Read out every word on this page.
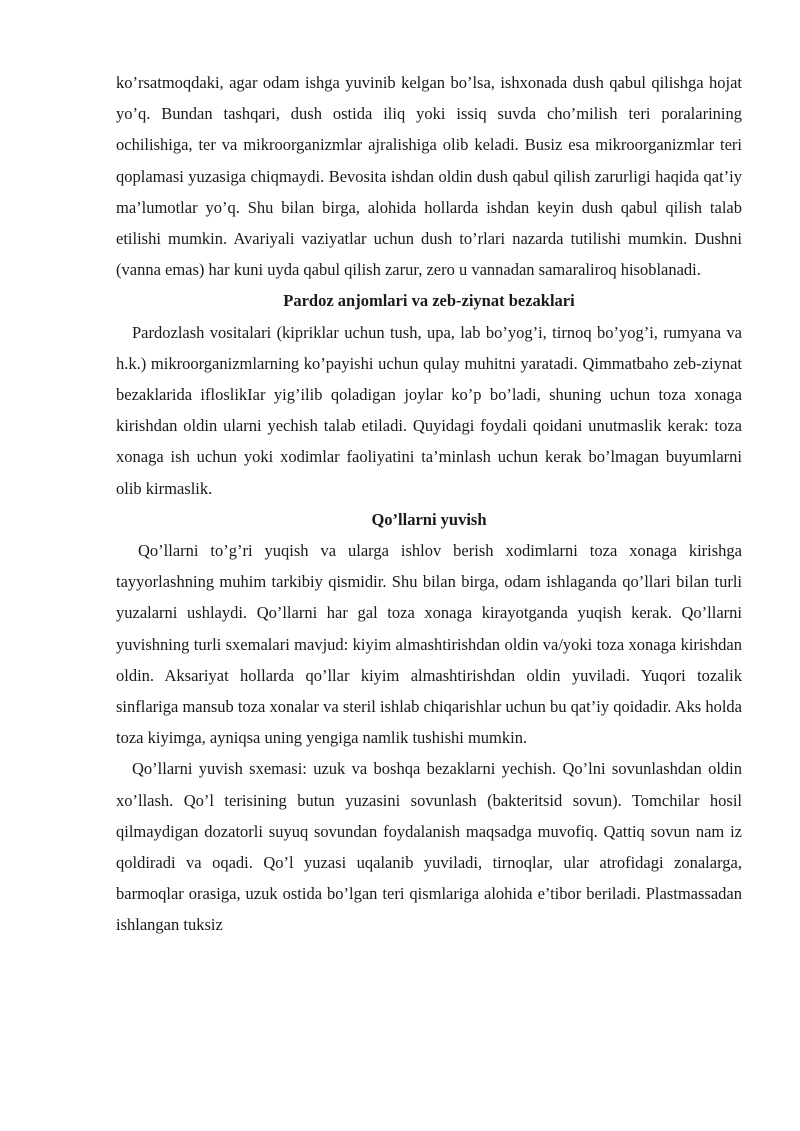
ko’rsatmoqdaki, agar odam ishga yuvinib kelgan bo’lsa, ishxonada dush qabul qilishga hojat yo’q. Bundan tashqari, dush ostida iliq yoki issiq suvda cho’milish teri poralarining ochilishiga, ter va mikroorganizmlar ajralishiga olib keladi. Busiz esa mikroorganizmlar teri qoplamasi yuzasiga chiqmaydi. Bevosita ishdan oldin dush qabul qilish zarurligi haqida qat’iy ma’lumotlar yo’q. Shu bilan birga, alohida hollarda ishdan keyin dush qabul qilish talab etilishi mumkin. Avariyali vaziyatlar uchun dush to’rlari nazarda tutilishi mumkin. Dushni (vanna emas) har kuni uyda qabul qilish zarur, zero u vannadan samaraliroq hisoblanadi.

Pardoz anjomlari va zeb-ziynat bezaklari

Pardozlash vositalari (kipriklar uchun tush, upa, lab bo’yog’i, tirnoq bo’yog’i, rumyana va h.k.) mikroorganizmlarning ko’payishi uchun qulay muhitni yaratadi. Qimmatbaho zeb-ziynat bezaklarida ifloslikIar yig’ilib qoladigan joylar ko’p bo’ladi, shuning uchun toza xonaga kirishdan oldin ularni yechish talab etiladi. Quyidagi foydali qoidani unutmaslik kerak: toza xonaga ish uchun yoki xodimlar faoliyatini ta’minlash uchun kerak bo’lmagan buyumlarni olib kirmaslik.

Qo’llarni yuvish

Qo’llarni to’g’ri yuqish va ularga ishlov berish xodimlarni toza xonaga kirishga tayyorlashning muhim tarkibiy qismidir. Shu bilan birga, odam ishlaganda qo’llari bilan turli yuzalarni ushlaydi. Qo’llarni har gal toza xonaga kirayotganda yuqish kerak. Qo’llarni yuvishning turli sxemalari mavjud: kiyim almashtirishdan oldin va/yoki toza xonaga kirishdan oldin. Aksariyat hollarda qo’llar kiyim almashtirishdan oldin yuviladi. Yuqori tozalik sinflariga mansub toza xonalar va steril ishlab chiqarishlar uchun bu qat’iy qoidadir. Aks holda toza kiyimga, ayniqsa uning yengiga namlik tushishi mumkin.

Qo’llarni yuvish sxemasi: uzuk va boshqa bezaklarni yechish. Qo’lni sovunlashdan oldin xo’llash. Qo’l terisining butun yuzasini sovunlash (bakteritsid sovun). Tomchilar hosil qilmaydigan dozatorli suyuq sovundan foydalanish maqsadga muvofiq. Qattiq sovun nam iz qoldiradi va oqadi. Qo’l yuzasi uqalanib yuviladi, tirnoqlar, ular atrofidagi zonalarga, barmoqlar orasiga, uzuk ostida bo’lgan teri qismlariga alohida e’tibor beriladi. Plastmassadan ishlangan tuksiz
